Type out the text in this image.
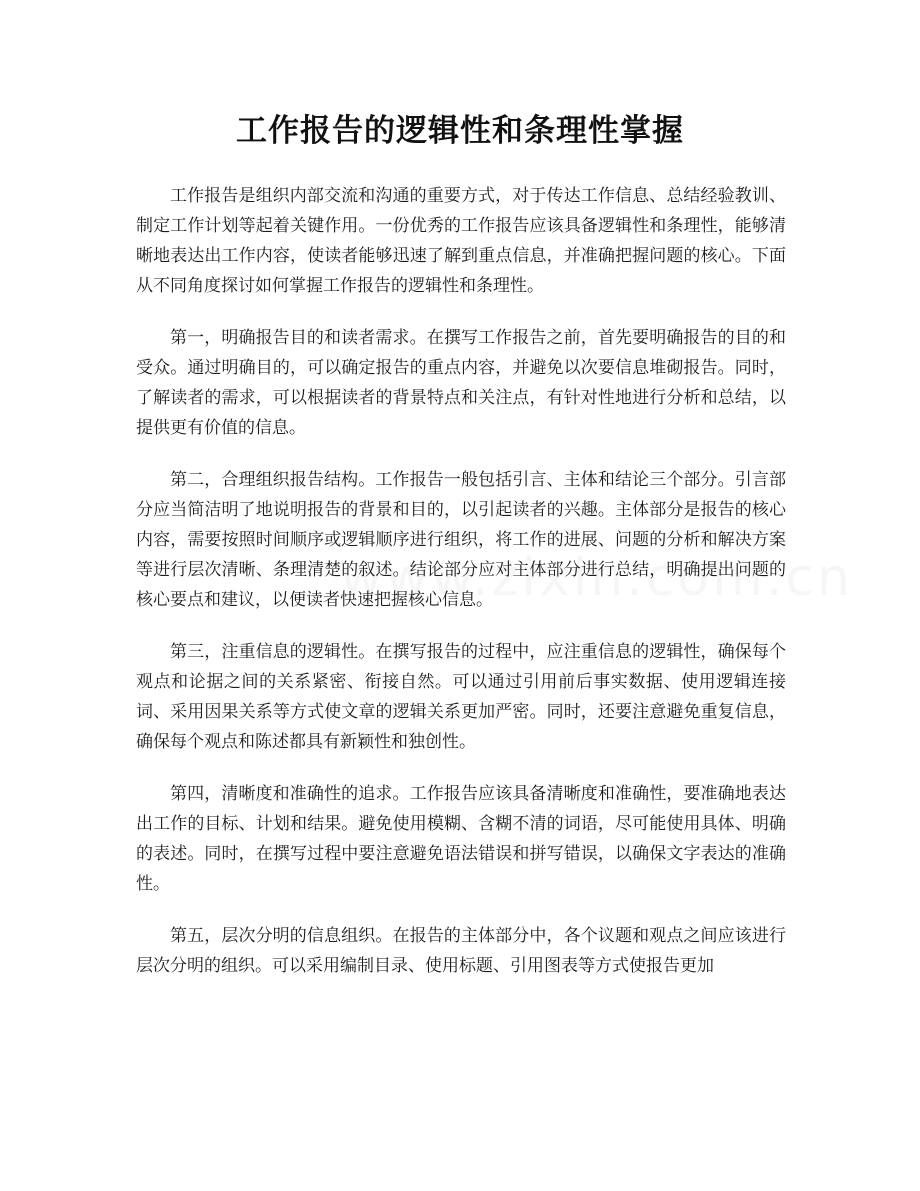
工作报告的逻辑性和条理性掌握

工作报告是组织内部交流和沟通的重要方式，对于传达工作信息、总结经验教训、制定工作计划等起着关键作用。一份优秀的工作报告应该具备逻辑性和条理性，能够清晰地表达出工作内容，使读者能够迅速了解到重点信息，并准确把握问题的核心。下面从不同角度探讨如何掌握工作报告的逻辑性和条理性。

第一，明确报告目的和读者需求。在撰写工作报告之前，首先要明确报告的目的和受众。通过明确目的，可以确定报告的重点内容，并避免以次要信息堆砌报告。同时，了解读者的需求，可以根据读者的背景特点和关注点，有针对性地进行分析和总结，以提供更有价值的信息。

第二，合理组织报告结构。工作报告一般包括引言、主体和结论三个部分。引言部分应当简洁明了地说明报告的背景和目的，以引起读者的兴趣。主体部分是报告的核心内容，需要按照时间顺序或逻辑顺序进行组织，将工作的进展、问题的分析和解决方案等进行层次清晰、条理清楚的叙述。结论部分应对主体部分进行总结，明确提出问题的核心要点和建议，以便读者快速把握核心信息。

第三，注重信息的逻辑性。在撰写报告的过程中，应注重信息的逻辑性，确保每个观点和论据之间的关系紧密、衔接自然。可以通过引用前后事实数据、使用逻辑连接词、采用因果关系等方式使文章的逻辑关系更加严密。同时，还要注意避免重复信息，确保每个观点和陈述都具有新颖性和独创性。

第四，清晰度和准确性的追求。工作报告应该具备清晰度和准确性，要准确地表达出工作的目标、计划和结果。避免使用模糊、含糊不清的词语，尽可能使用具体、明确的表述。同时，在撰写过程中要注意避免语法错误和拼写错误，以确保文字表达的准确性。

第五，层次分明的信息组织。在报告的主体部分中，各个议题和观点之间应该进行层次分明的组织。可以采用编制目录、使用标题、引用图表等方式使报告更加
